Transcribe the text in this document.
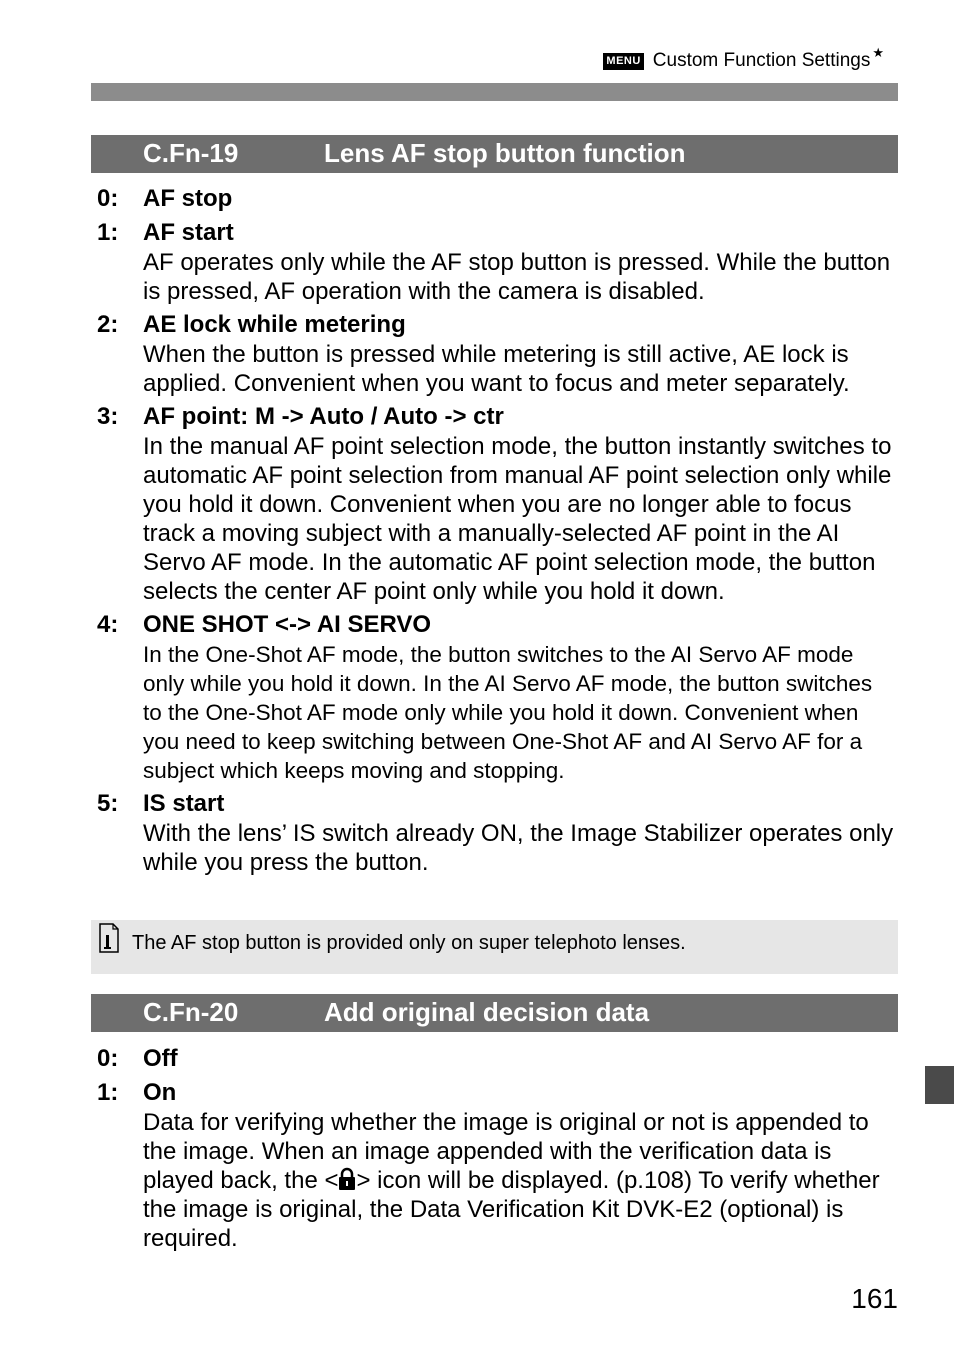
MENU Custom Function Settings ★
C.Fn-19	Lens AF stop button function
0:	AF stop
1:	AF start
AF operates only while the AF stop button is pressed. While the button is pressed, AF operation with the camera is disabled.
2:	AE lock while metering
When the button is pressed while metering is still active, AE lock is applied. Convenient when you want to focus and meter separately.
3:	AF point: M -> Auto / Auto -> ctr
In the manual AF point selection mode, the button instantly switches to automatic AF point selection from manual AF point selection only while you hold it down. Convenient when you are no longer able to focus track a moving subject with a manually-selected AF point in the AI Servo AF mode. In the automatic AF point selection mode, the button selects the center AF point only while you hold it down.
4:	ONE SHOT <-> AI SERVO
In the One-Shot AF mode, the button switches to the AI Servo AF mode only while you hold it down. In the AI Servo AF mode, the button switches to the One-Shot AF mode only while you hold it down. Convenient when you need to keep switching between One-Shot AF and AI Servo AF for a subject which keeps moving and stopping.
5:	IS start
With the lens’ IS switch already ON, the Image Stabilizer operates only while you press the button.
The AF stop button is provided only on super telephoto lenses.
C.Fn-20	Add original decision data
0:	Off
1:	On
Data for verifying whether the image is original or not is appended to the image. When an image appended with the verification data is played back, the < > icon will be displayed. (p.108) To verify whether the image is original, the Data Verification Kit DVK-E2 (optional) is required.
161
